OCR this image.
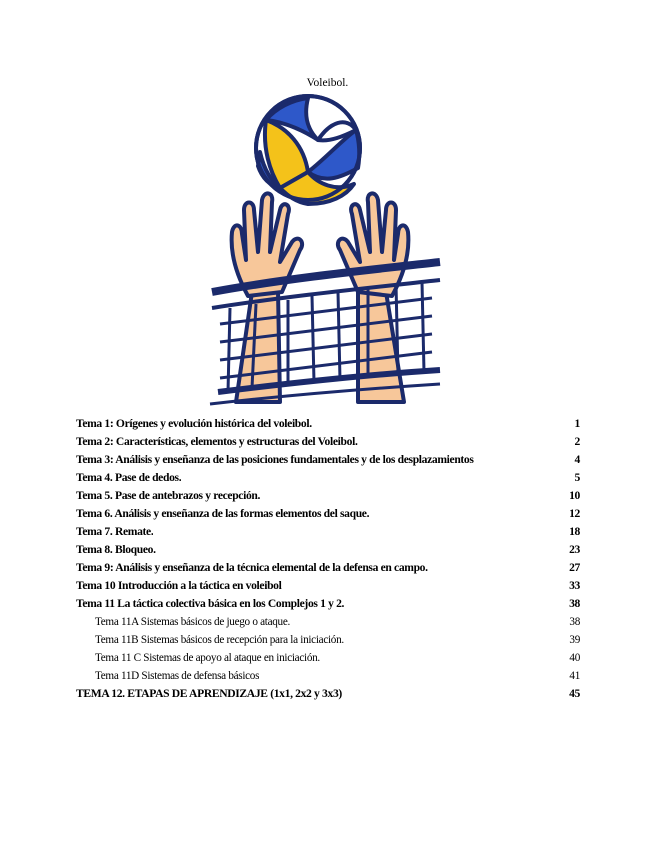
Voleibol.
Tema 1: Orígenes y evolución histórica del voleibol.	1
Tema 2: Características, elementos y estructuras del Voleibol.	2
Tema 3: Análisis y enseñanza de las posiciones fundamentales y de los desplazamientos	4
Tema 4. Pase de dedos.	5
Tema 5. Pase de antebrazos y recepción.	10
Tema 6. Análisis y enseñanza de las formas elementos del saque.	12
Tema 7. Remate.	18
Tema 8. Bloqueo.	23
Tema 9: Análisis y enseñanza de la técnica elemental de la defensa en campo.	27
Tema 10 Introducción a la táctica en voleibol	33
Tema 11 La táctica colectiva básica en los Complejos 1 y 2.	38
Tema 11A Sistemas básicos de juego o ataque.	38
Tema 11B Sistemas básicos de recepción para la iniciación.	39
Tema 11 C Sistemas de apoyo al ataque en iniciación.	40
Tema 11D Sistemas de defensa básicos	41
TEMA 12. ETAPAS DE APRENDIZAJE (1x1, 2x2 y 3x3)	45
